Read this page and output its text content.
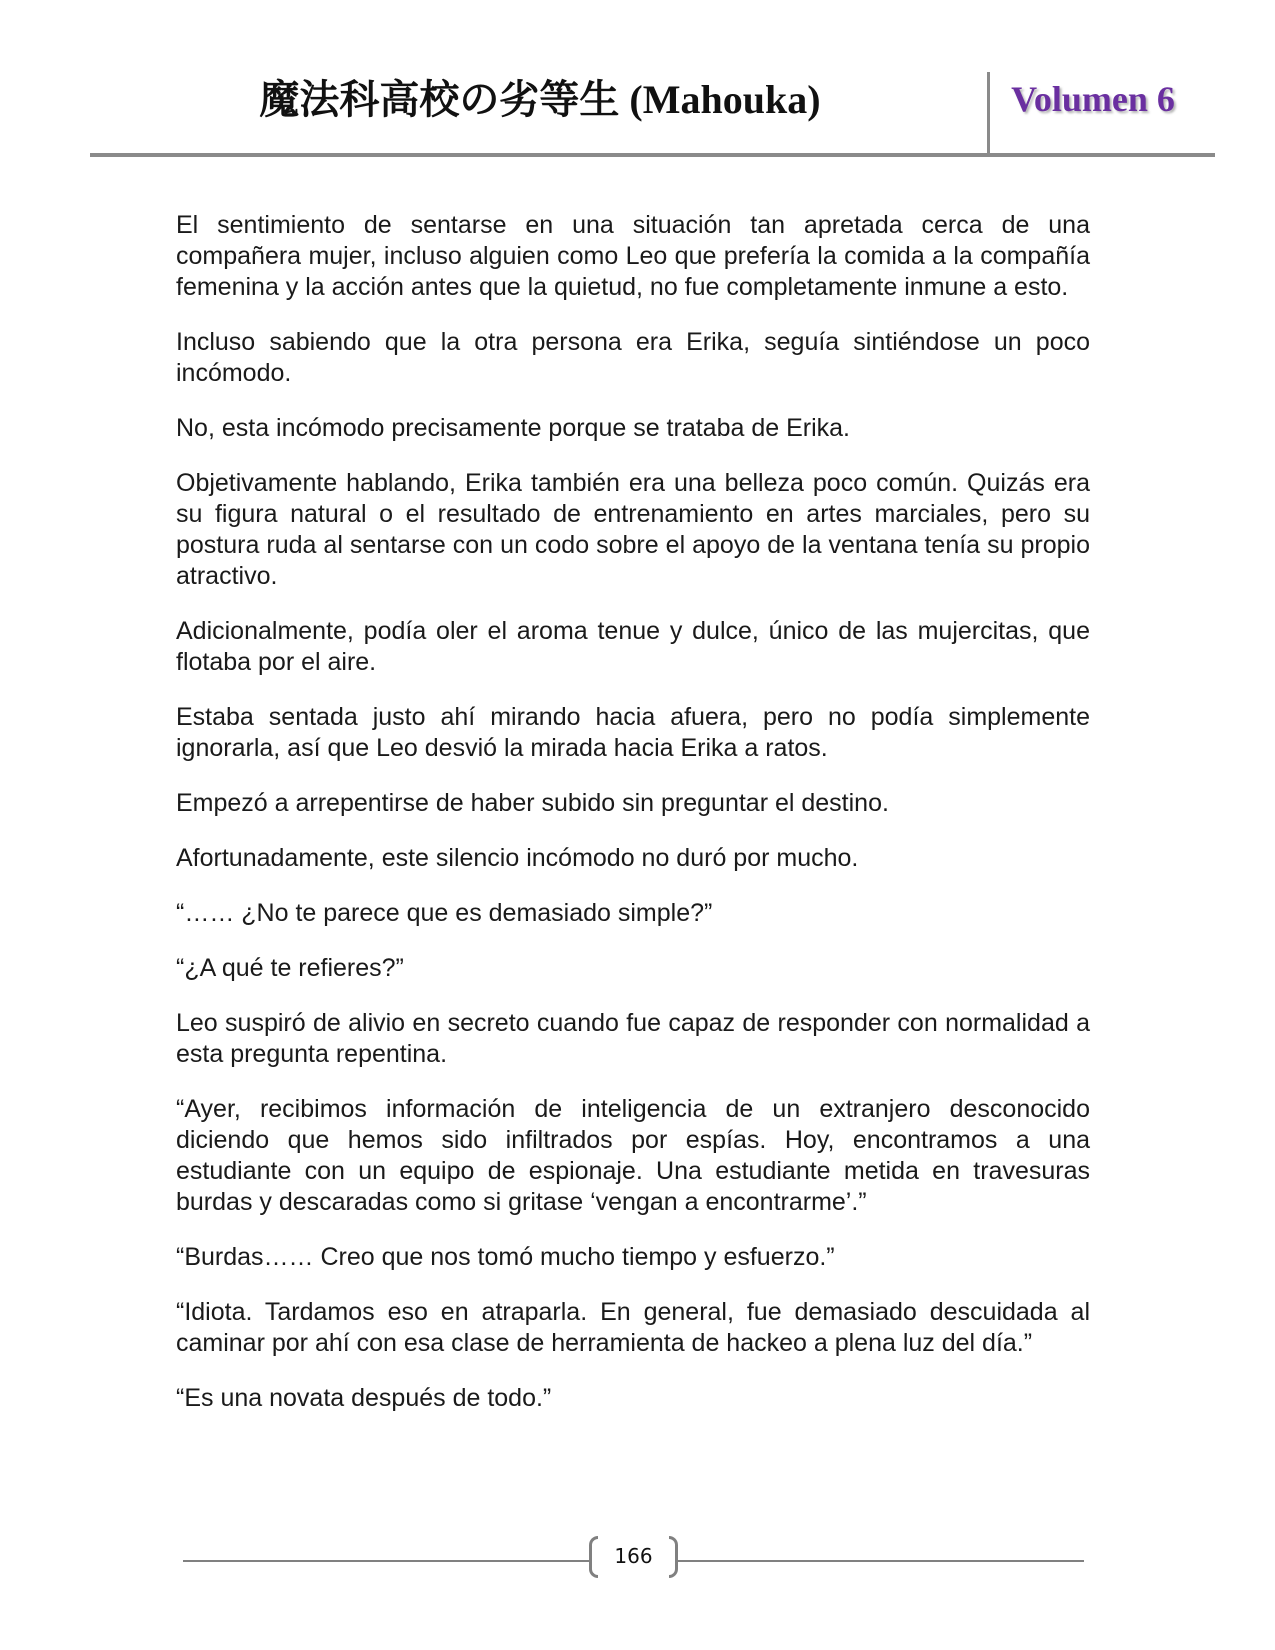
魔法科高校の劣等生 (Mahouka)	Volumen 6

El sentimiento de sentarse en una situación tan apretada cerca de una compañera mujer, incluso alguien como Leo que prefería la comida a la compañía femenina y la acción antes que la quietud, no fue completamente inmune a esto.

Incluso sabiendo que la otra persona era Erika, seguía sintiéndose un poco incómodo.

No, esta incómodo precisamente porque se trataba de Erika.

Objetivamente hablando, Erika también era una belleza poco común. Quizás era su figura natural o el resultado de entrenamiento en artes marciales, pero su postura ruda al sentarse con un codo sobre el apoyo de la ventana tenía su propio atractivo.

Adicionalmente, podía oler el aroma tenue y dulce, único de las mujercitas, que flotaba por el aire.

Estaba sentada justo ahí mirando hacia afuera, pero no podía simplemente ignorarla, así que Leo desvió la mirada hacia Erika a ratos.

Empezó a arrepentirse de haber subido sin preguntar el destino.

Afortunadamente, este silencio incómodo no duró por mucho.

“…… ¿No te parece que es demasiado simple?”

“¿A qué te refieres?”

Leo suspiró de alivio en secreto cuando fue capaz de responder con normalidad a esta pregunta repentina.

“Ayer, recibimos información de inteligencia de un extranjero desconocido diciendo que hemos sido infiltrados por espías. Hoy, encontramos a una estudiante con un equipo de espionaje. Una estudiante metida en travesuras burdas y descaradas como si gritase ‘vengan a encontrarme’.”

“Burdas…… Creo que nos tomó mucho tiempo y esfuerzo.”

“Idiota. Tardamos eso en atraparla. En general, fue demasiado descuidada al caminar por ahí con esa clase de herramienta de hackeo a plena luz del día.”

“Es una novata después de todo.”

166
